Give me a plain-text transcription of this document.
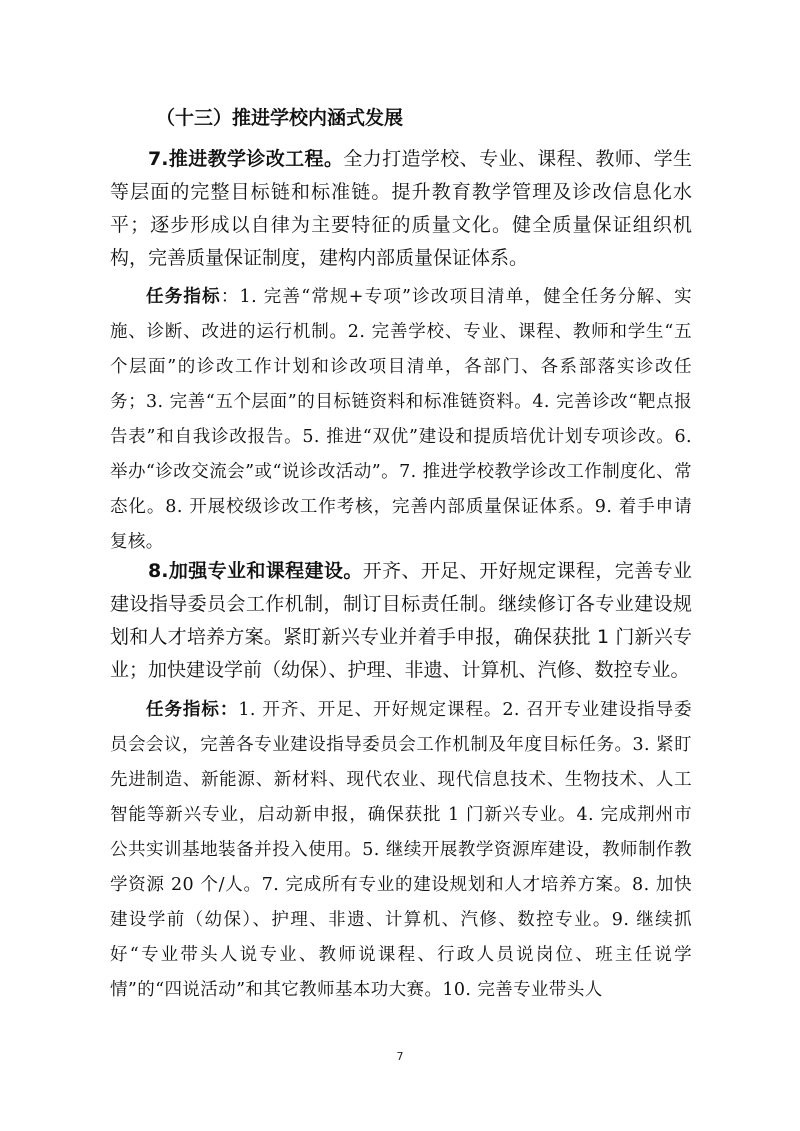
（十三）推进学校内涵式发展

7.推进教学诊改工程。全力打造学校、专业、课程、教师、学生等层面的完整目标链和标准链。提升教育教学管理及诊改信息化水平；逐步形成以自律为主要特征的质量文化。健全质量保证组织机构，完善质量保证制度，建构内部质量保证体系。

任务指标：1. 完善“常规+专项”诊改项目清单，健全任务分解、实施、诊断、改进的运行机制。2. 完善学校、专业、课程、教师和学生“五个层面”的诊改工作计划和诊改项目清单，各部门、各系部落实诊改任务；3. 完善“五个层面”的目标链资料和标准链资料。4. 完善诊改“靶点报告表”和自我诊改报告。5. 推进“双优”建设和提质培优计划专项诊改。6. 举办“诊改交流会”或“说诊改活动”。7. 推进学校教学诊改工作制度化、常态化。8. 开展校级诊改工作考核，完善内部质量保证体系。9. 着手申请复核。

8.加强专业和课程建设。开齐、开足、开好规定课程，完善专业建设指导委员会工作机制，制订目标责任制。继续修订各专业建设规划和人才培养方案。紧盯新兴专业并着手申报，确保获批 1 门新兴专业；加快建设学前（幼保）、护理、非遗、计算机、汽修、数控专业。

任务指标：1. 开齐、开足、开好规定课程。2. 召开专业建设指导委员会会议，完善各专业建设指导委员会工作机制及年度目标任务。3. 紧盯先进制造、新能源、新材料、现代农业、现代信息技术、生物技术、人工智能等新兴专业，启动新申报，确保获批 1 门新兴专业。4. 完成荆州市公共实训基地装备并投入使用。5. 继续开展教学资源库建设，教师制作教学资源 20 个/人。7. 完成所有专业的建设规划和人才培养方案。8. 加快建设学前（幼保）、护理、非遗、计算机、汽修、数控专业。9. 继续抓好“专业带头人说专业、教师说课程、行政人员说岗位、班主任说学情”的“四说活动”和其它教师基本功大赛。10. 完善专业带头人

7
